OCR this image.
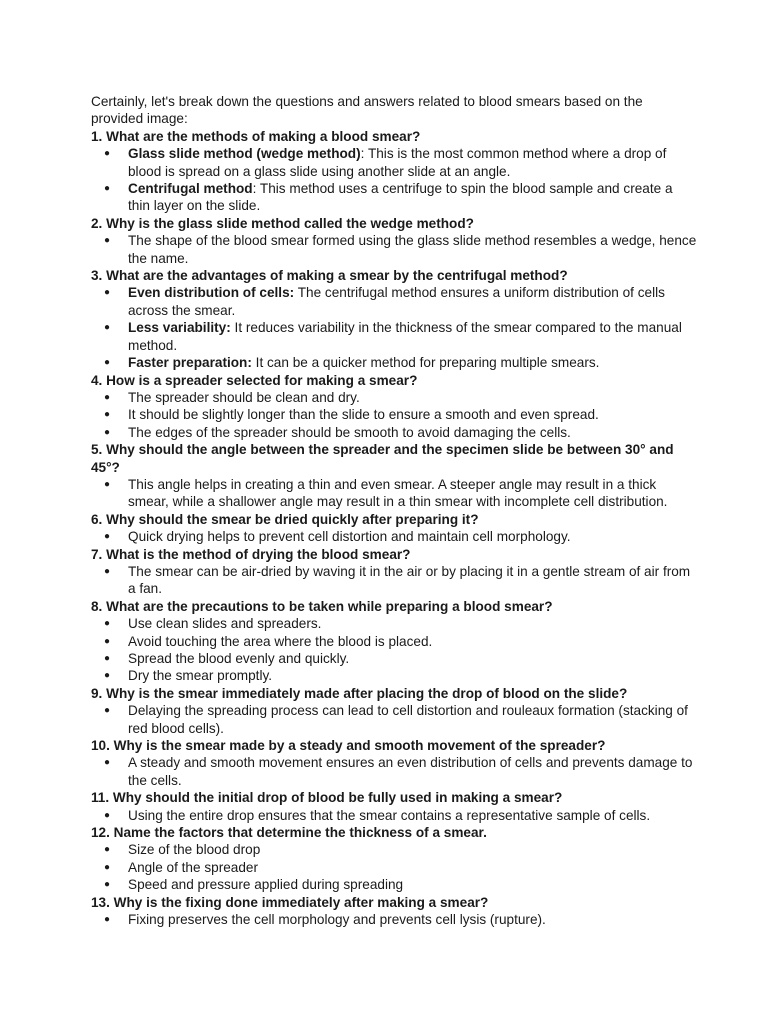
Certainly, let's break down the questions and answers related to blood smears based on the provided image:

1. What are the methods of making a blood smear?

● Glass slide method (wedge method): This is the most common method where a drop of blood is spread on a glass slide using another slide at an angle.
● Centrifugal method: This method uses a centrifuge to spin the blood sample and create a thin layer on the slide.

2. Why is the glass slide method called the wedge method?

● The shape of the blood smear formed using the glass slide method resembles a wedge, hence the name.

3. What are the advantages of making a smear by the centrifugal method?

● Even distribution of cells: The centrifugal method ensures a uniform distribution of cells across the smear.
● Less variability: It reduces variability in the thickness of the smear compared to the manual method.
● Faster preparation: It can be a quicker method for preparing multiple smears.

4. How is a spreader selected for making a smear?

● The spreader should be clean and dry.
● It should be slightly longer than the slide to ensure a smooth and even spread.
● The edges of the spreader should be smooth to avoid damaging the cells.

5. Why should the angle between the spreader and the specimen slide be between 30° and 45°?

● This angle helps in creating a thin and even smear. A steeper angle may result in a thick smear, while a shallower angle may result in a thin smear with incomplete cell distribution.

6. Why should the smear be dried quickly after preparing it?

● Quick drying helps to prevent cell distortion and maintain cell morphology.

7. What is the method of drying the blood smear?

● The smear can be air-dried by waving it in the air or by placing it in a gentle stream of air from a fan.

8. What are the precautions to be taken while preparing a blood smear?

● Use clean slides and spreaders.
● Avoid touching the area where the blood is placed.
● Spread the blood evenly and quickly.
● Dry the smear promptly.

9. Why is the smear immediately made after placing the drop of blood on the slide?

● Delaying the spreading process can lead to cell distortion and rouleaux formation (stacking of red blood cells).

10. Why is the smear made by a steady and smooth movement of the spreader?

● A steady and smooth movement ensures an even distribution of cells and prevents damage to the cells.

11. Why should the initial drop of blood be fully used in making a smear?

● Using the entire drop ensures that the smear contains a representative sample of cells.

12. Name the factors that determine the thickness of a smear.

● Size of the blood drop
● Angle of the spreader
● Speed and pressure applied during spreading

13. Why is the fixing done immediately after making a smear?

● Fixing preserves the cell morphology and prevents cell lysis (rupture).
